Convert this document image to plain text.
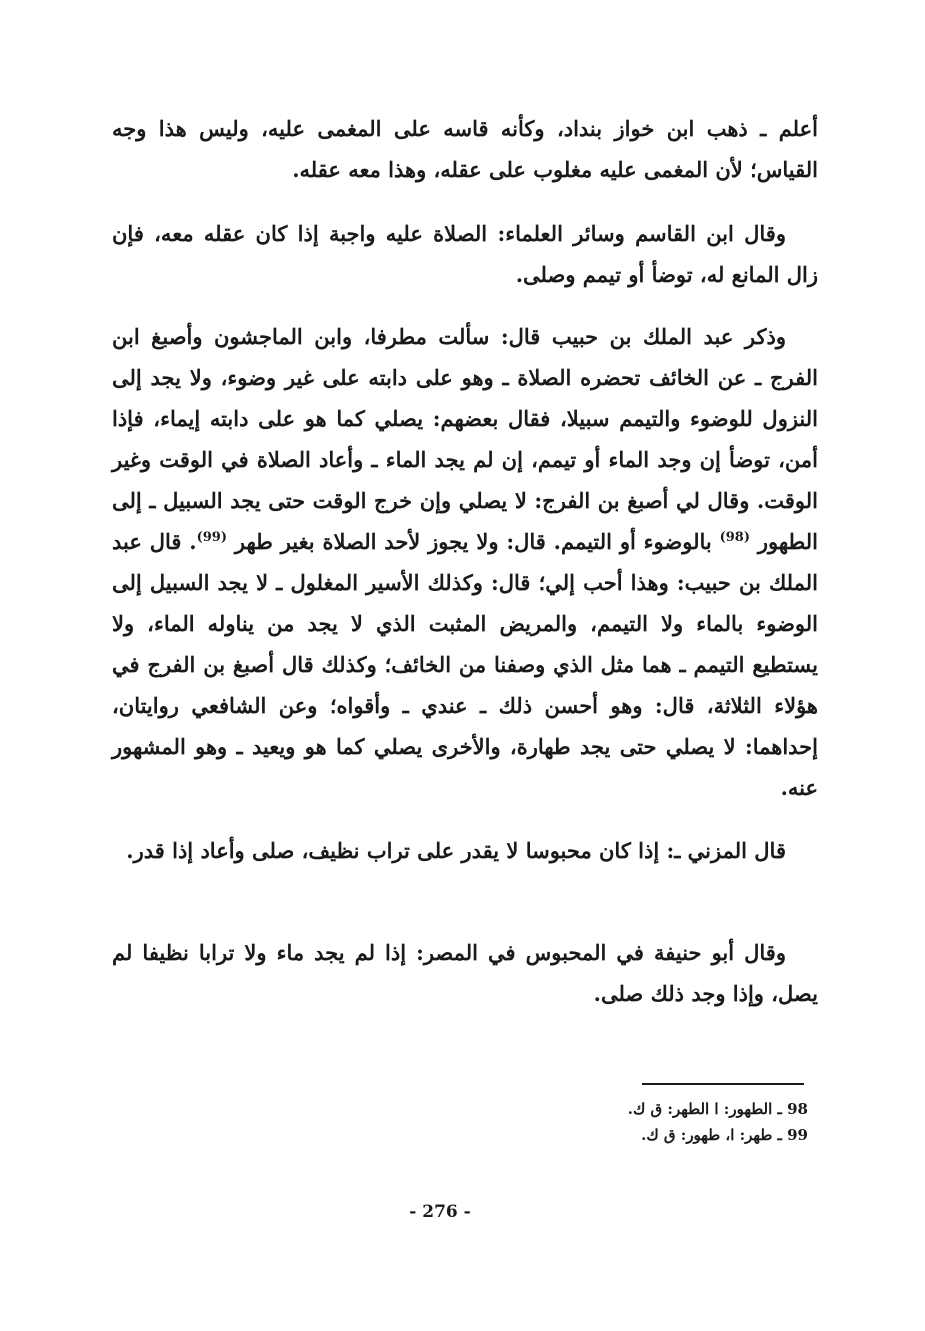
أعلم ـ ذهب ابن خواز بنداد، وكأنه قاسه على المغمى عليه، وليس هذا وجه القياس؛ لأن المغمى عليه مغلوب على عقله، وهذا معه عقله.

وقال ابن القاسم وسائر العلماء: الصلاة عليه واجبة إذا كان عقله معه، فإن زال المانع له، توضأ أو تيمم وصلى.

وذكر عبد الملك بن حبيب قال: سألت مطرفا، وابن الماجشون وأصبغ ابن الفرج ـ عن الخائف تحضره الصلاة ـ وهو على دابته على غير وضوء، ولا يجد إلى النزول للوضوء والتيمم سبيلا، فقال بعضهم: يصلي كما هو على دابته إيماء، فإذا أمن، توضأ إن وجد الماء أو تيمم، إن لم يجد الماء ـ وأعاد الصلاة في الوقت وغير الوقت. وقال لي أصبغ بن الفرج: لا يصلي وإن خرج الوقت حتى يجد السبيل ـ إلى الطهور $^{(98)}$ بالوضوء أو التيمم. قال: ولا يجوز لأحد الصلاة بغير طهر $^{(99)}$. قال عبد الملك بن حبيب: وهذا أحب إلي؛ قال: وكذلك الأسير المغلول ـ لا يجد السبيل إلى الوضوء بالماء ولا التيمم، والمريض المثبت الذي لا يجد من يناوله الماء، ولا يستطيع التيمم ـ هما مثل الذي وصفنا من الخائف؛ وكذلك قال أصبغ بن الفرج في هؤلاء الثلاثة، قال: وهو أحسن ذلك ـ عندي ـ وأقواه؛ وعن الشافعي روايتان، إحداهما: لا يصلي حتى يجد طهارة، والأخرى يصلي كما هو ويعيد ـ وهو المشهور عنه.

قال المزني ـ: إذا كان محبوسا لا يقدر على تراب نظيف، صلى وأعاد إذا قدر.

وقال أبو حنيفة في المحبوس في المصر: إذا لم يجد ماء ولا ترابا نظيفا لم يصل، وإذا وجد ذلك صلى.

98 ـ الطهور: ا الطهر: ق ك.

99 ـ طهر: ا، طهور: ق ك.

- 276 -
